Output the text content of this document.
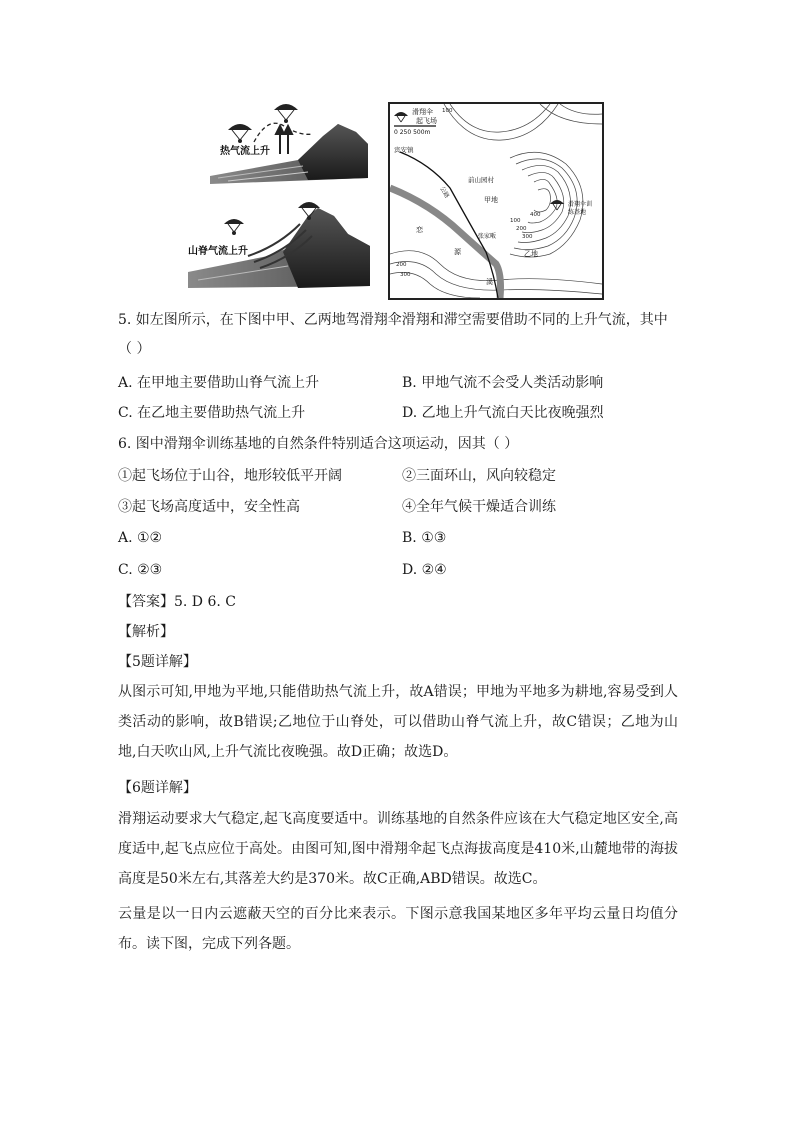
热气流上升
山脊气流上升
滑翔伞
起飞场
0 250 500m
宾安镇
前山园村
甲地
乙地
张家畈
公路
恋
源
溪
滑翔伞训
练基地
100
100
200
300
400
200
300
5. 如左图所示，在下图中甲、乙两地驾滑翔伞滑翔和滞空需要借助不同的上升气流，其中
（ ）
A. 在甲地主要借助山脊气流上升	B. 甲地气流不会受人类活动影响
C. 在乙地主要借助热气流上升	D. 乙地上升气流白天比夜晚强烈
6. 图中滑翔伞训练基地的自然条件特别适合这项运动，因其（ ）
①起飞场位于山谷，地形较低平开阔	②三面环山，风向较稳定
③起飞场高度适中，安全性高	④全年气候干燥适合训练
A. ①②	B. ①③
C. ②③	D. ②④
【答案】5. D 6. C
【解析】
【5题详解】
从图示可知,甲地为平地,只能借助热气流上升，故A错误；甲地为平地多为耕地,容易受到人类活动的影响，故B错误;乙地位于山脊处，可以借助山脊气流上升，故C错误；乙地为山地,白天吹山风,上升气流比夜晚强。故D正确；故选D。
【6题详解】
滑翔运动要求大气稳定,起飞高度要适中。训练基地的自然条件应该在大气稳定地区安全,高度适中,起飞点应位于高处。由图可知,图中滑翔伞起飞点海拔高度是410米,山麓地带的海拔高度是50米左右,其落差大约是370米。故C正确,ABD错误。故选C。
云量是以一日内云遮蔽天空的百分比来表示。下图示意我国某地区多年平均云量日均值分布。读下图，完成下列各题。
